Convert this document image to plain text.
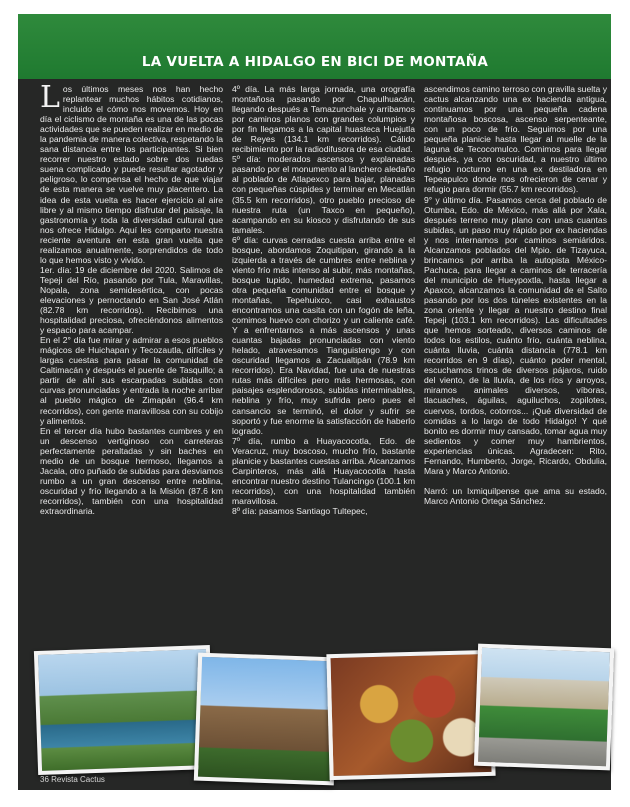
LA VUELTA A HIDALGO EN BICI DE MONTAÑA

Los últimos meses nos han hecho replantear muchos hábitos cotidianos, incluido el cómo nos movemos. Hoy en día el ciclismo de montaña es una de las pocas actividades que se pueden realizar en medio de la pandemia de manera colectiva, respetando la sana distancia entre los participantes. Si bien recorrer nuestro estado sobre dos ruedas suena complicado y puede resultar agotador y peligroso, lo compensa el hecho de que viajar de esta manera se vuelve muy placentero. La idea de esta vuelta es hacer ejercicio al aire libre y al mismo tiempo disfrutar del paisaje, la gastronomía y toda la diversidad cultural que nos ofrece Hidalgo. Aquí les comparto nuestra reciente aventura en esta gran vuelta que realizamos anualmente, sorprendidos de todo lo que hemos visto y vivido.

1er. día: 19 de diciembre del 2020. Salimos de Tepeji del Río, pasando por Tula, Maravillas, Nopala, zona semidesértica, con pocas elevaciones y pernoctando en San José Atlán (82.78 km recorridos). Recibimos una hospitalidad preciosa, ofreciéndonos alimentos y espacio para acampar.

En el 2° día fue mirar y admirar a esos pueblos mágicos de Huichapan y Tecozautla, difíciles y largas cuestas para pasar la comunidad de Caltimacán y después el puente de Tasquillo; a partir de ahí sus escarpadas subidas con curvas pronunciadas y entrada la noche arribar al pueblo mágico de Zimapán (96.4 km recorridos), con gente maravillosa con su cobijo y alimentos.

En el tercer día hubo bastantes cumbres y en un descenso vertiginoso con carreteras perfectamente peraltadas y sin baches en medio de un bosque hermoso, llegamos a Jacala, otro puñado de subidas para desviamos rumbo a un gran descenso entre neblina, oscuridad y frío llegando a la Misión (87.6 km recorridos), también con una hospitalidad extraordinaria.

4º día. La más larga jornada, una orografía montañosa pasando por Chapulhuacán, llegando después a Tamazunchale y arribamos por caminos planos con grandes columpios y por fin llegamos a la capital huasteca Huejutla de Reyes (134.1 km recorridos). Cálido recibimiento por la radiodifusora de esa ciudad.

5º día: moderados ascensos y explanadas pasando por el monumento al lanchero aledaño al poblado de Atlapexco para bajar, planadas con pequeñas cúspides y terminar en Mecatlán (35.5 km recorridos), otro pueblo precioso de nuestra ruta (un Taxco en pequeño), acampando en su kiosco y disfrutando de sus tamales.

6º día: curvas cerradas cuesta arriba entre el bosque, abordamos Zoquitipan, girando a la izquierda a través de cumbres entre neblina y viento frío más intenso al subir, más montañas, bosque tupido, humedad extrema, pasamos otra pequeña comunidad entre el bosque y montañas, Tepehuixco, casi exhaustos encontramos una casita con un fogón de leña, comimos huevo con chorizo y un caliente café. Y a enfrentarnos a más ascensos y unas cuantas bajadas pronunciadas con viento helado, atravesamos Tianguistengo y con oscuridad llegamos a Zacualtipán (78.9 km recorridos). Era Navidad, fue una de nuestras rutas más difíciles pero más hermosas, con paisajes esplendorosos, subidas interminables, neblina y frío, muy sufrida pero pues el cansancio se terminó, el dolor y sufrir se soportó y fue enorme la satisfacción de haberlo logrado.

7º día, rumbo a Huayacocotla, Edo. de Veracruz, muy boscoso, mucho frío, bastante planicie y bastantes cuestas arriba. Alcanzamos Carpinteros, más allá Huayacocotla hasta encontrar nuestro destino Tulancingo (100.1 km recorridos), con una hospitalidad también maravillosa.

8º día: pasamos Santiago Tultepec,

ascendimos camino terroso con gravilla suelta y cactus alcanzando una ex hacienda antigua, continuamos por una pequeña cadena montañosa boscosa, ascenso serpenteante, con un poco de frío. Seguimos por una pequeña planicie hasta llegar al muelle de la laguna de Tecocomulco. Comimos para llegar después, ya con oscuridad, a nuestro último refugio nocturno en una ex destiladora en Tepeapulco donde nos ofrecieron de cenar y refugio para dormir (55.7 km recorridos).

9° y último día. Pasamos cerca del poblado de Otumba, Edo. de México, más allá por Xala, después terreno muy plano con unas cuantas subidas, un paso muy rápido por ex haciendas y nos internamos por caminos semiáridos. Alcanzamos poblados del Mpio. de Tizayuca, brincamos por arriba la autopista México-Pachuca, para llegar a caminos de terracería del municipio de Hueypoxtla, hasta llegar a Apaxco, alcanzamos la comunidad de el Salto pasando por los dos túneles existentes en la zona oriente y llegar a nuestro destino final Tepeji (103.1 km recorridos). Las dificultades que hemos sorteado, diversos caminos de todos los estilos, cuánto frío, cuánta neblina, cuánta lluvia, cuánta distancia (778.1 km recorridos en 9 días), cuánto poder mental, escuchamos trinos de diversos pájaros, ruido del viento, de la lluvia, de los ríos y arroyos, miramos animales diversos, víboras, tlacuaches, águilas, aguiluchos, zopilotes, cuervos, tordos, cotorros... ¡Qué diversidad de comidas a lo largo de todo Hidalgo! Y qué bonito es dormir muy cansado, tomar agua muy sedientos y comer muy hambrientos, experiencias únicas. Agradecen: Rito, Fernando, Humberto, Jorge, Ricardo, Obdulia, Mara y Marco Antonio.

Narró: un Ixmiquilpense que ama su estado, Marco Antonio Ortega Sánchez.

36 Revista Cactus
